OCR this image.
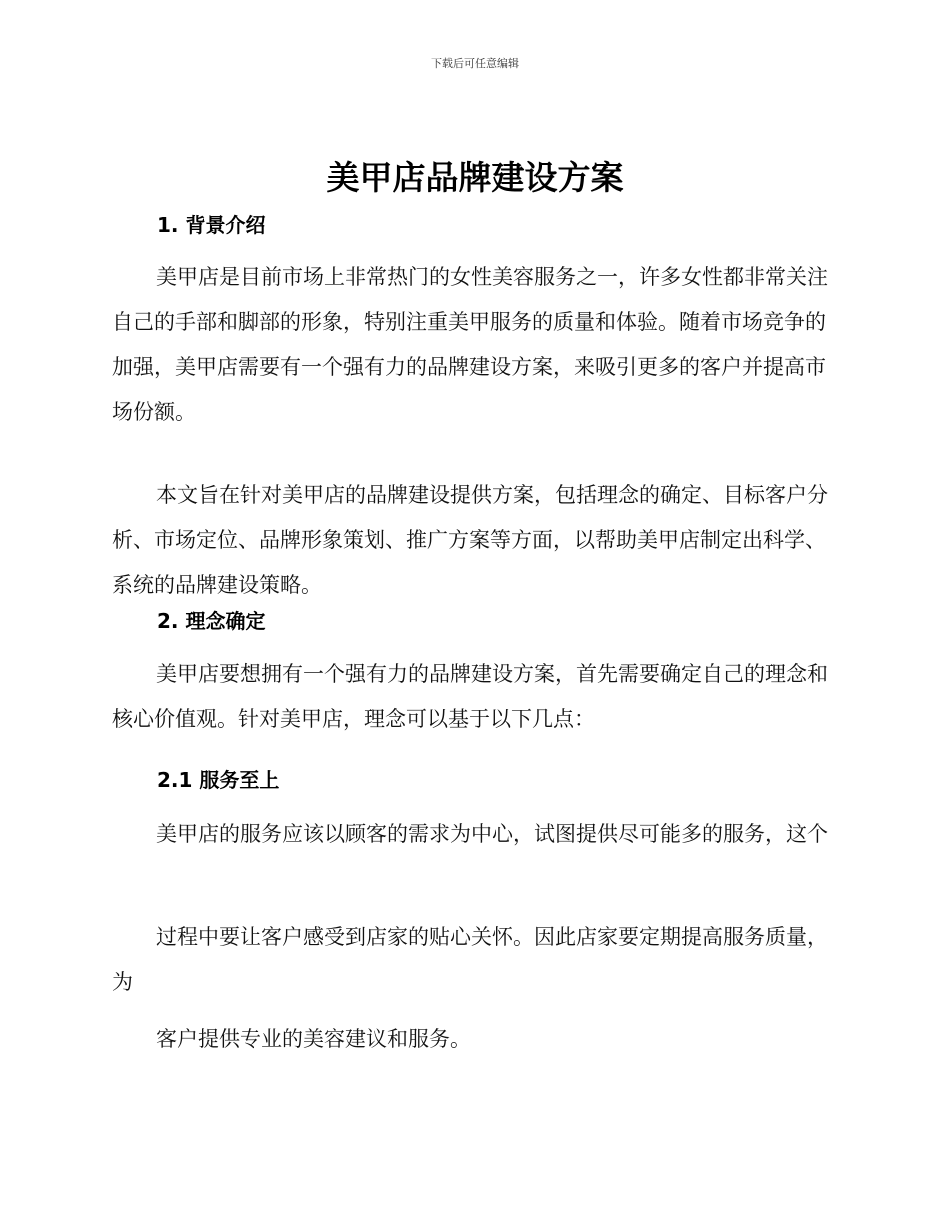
下载后可任意编辑
美甲店品牌建设方案
1. 背景介绍

美甲店是目前市场上非常热门的女性美容服务之一，许多女性都非常关注自己的手部和脚部的形象，特别注重美甲服务的质量和体验。随着市场竞争的加强，美甲店需要有一个强有力的品牌建设方案，来吸引更多的客户并提高市场份额。

本文旨在针对美甲店的品牌建设提供方案，包括理念的确定、目标客户分析、市场定位、品牌形象策划、推广方案等方面，以帮助美甲店制定出科学、系统的品牌建设策略。

2. 理念确定

美甲店要想拥有一个强有力的品牌建设方案，首先需要确定自己的理念和核心价值观。针对美甲店，理念可以基于以下几点：

2.1 服务至上

美甲店的服务应该以顾客的需求为中心，试图提供尽可能多的服务，这个

过程中要让客户感受到店家的贴心关怀。因此店家要定期提高服务质量，为

客户提供专业的美容建议和服务。
